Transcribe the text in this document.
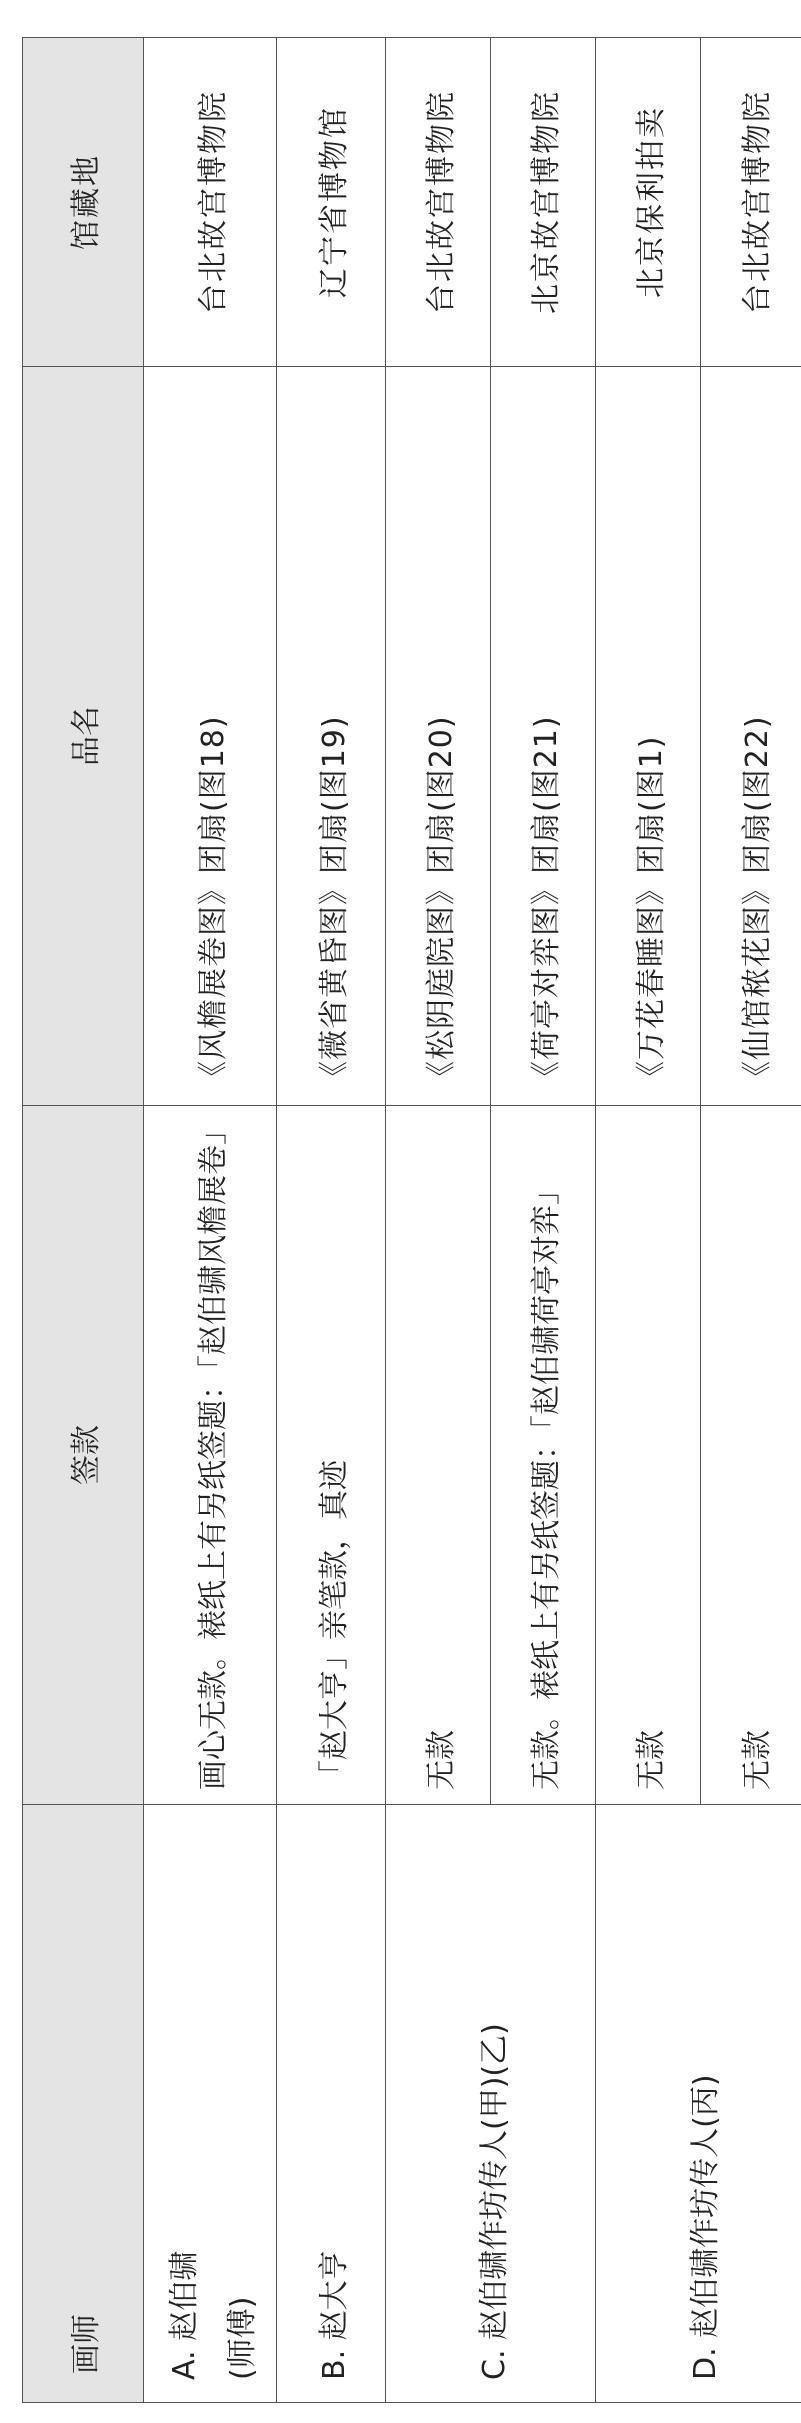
画师	签款	品名	馆藏地
A. 赵伯骕 (师傅)	画心无款。裱纸上有另纸签题：「赵伯骕风檐展卷」	《风檐展卷图》团扇(图18)	台北故宫博物院
B. 赵大亨	「赵大亨」亲笔款，真迹	《薇省黄昏图》团扇(图19)	辽宁省博物馆
C. 赵伯骕作坊传人(甲)(乙)	无款	《松阴庭院图》团扇(图20)	台北故宫博物院
	无款。裱纸上有另纸签题：「赵伯骕荷亭对弈」	《荷亭对弈图》团扇(图21)	北京故宫博物院
D. 赵伯骕作坊传人(丙)	无款	《万花春睡图》团扇(图1)	北京保利拍卖
	无款	《仙馆秾花图》团扇(图22)	台北故宫博物院
